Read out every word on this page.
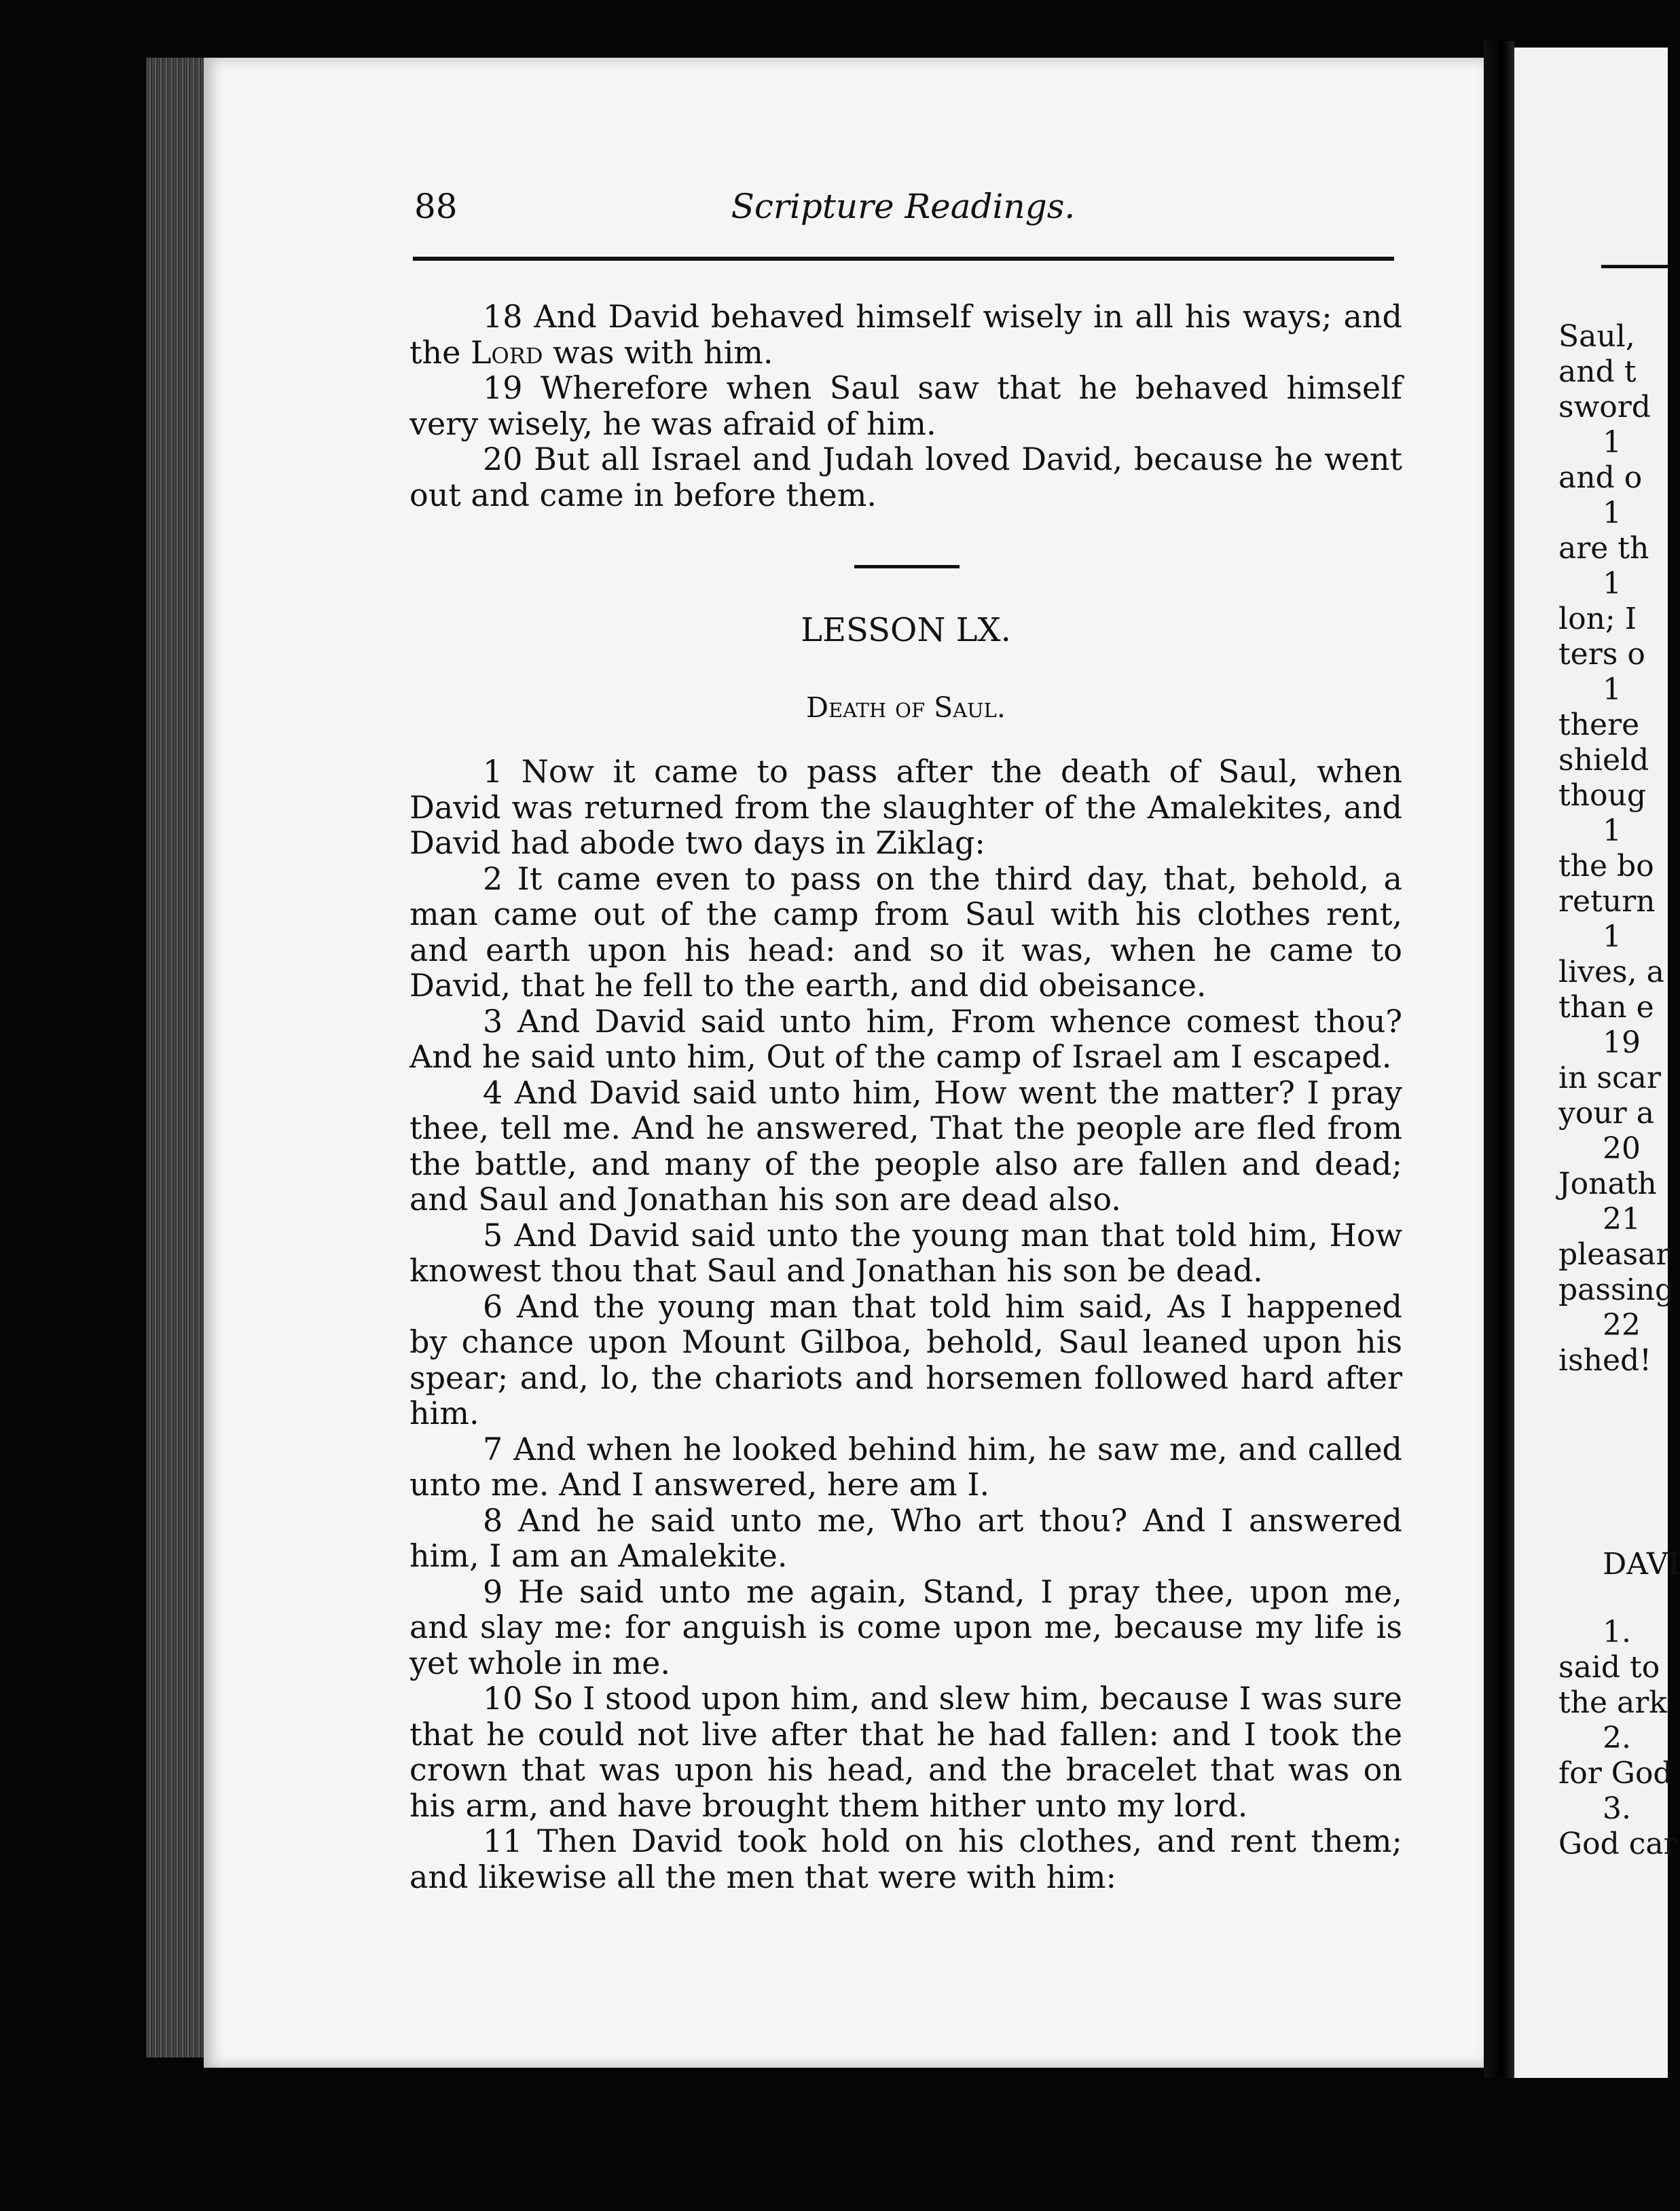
Saul,
and t
sword
1
and o
1
are th
1
lon; I
ters o
1
there
shield
thoug
1
the bo
return
1
lives, a
than e
19
in scar
your a
20
Jonath
21
pleasar
passing
22
ished!
DAVI
1.
said to
the ark
2.
for God
3.
God car
88	Scripture Readings.

18 And David behaved himself wisely in all his ways; and the Lord was with him.

19 Wherefore when Saul saw that he behaved himself very wisely, he was afraid of him.

20 But all Israel and Judah loved David, because he went out and came in before them.

LESSON LX.
Death of Saul.

1 Now it came to pass after the death of Saul, when David was returned from the slaughter of the Amalekites, and David had abode two days in Ziklag:

2 It came even to pass on the third day, that, behold, a man came out of the camp from Saul with his clothes rent, and earth upon his head: and so it was, when he came to David, that he fell to the earth, and did obeisance.

3 And David said unto him, From whence comest thou? And he said unto him, Out of the camp of Israel am I escaped.

4 And David said unto him, How went the matter? I pray thee, tell me. And he answered, That the people are fled from the battle, and many of the people also are fallen and dead; and Saul and Jonathan his son are dead also.

5 And David said unto the young man that told him, How knowest thou that Saul and Jonathan his son be dead.

6 And the young man that told him said, As I happened by chance upon Mount Gilboa, behold, Saul leaned upon his spear; and, lo, the chariots and horsemen followed hard after him.

7 And when he looked behind him, he saw me, and called unto me. And I answered, here am I.

8 And he said unto me, Who art thou? And I answered him, I am an Amalekite.

9 He said unto me again, Stand, I pray thee, upon me, and slay me: for anguish is come upon me, because my life is yet whole in me.

10 So I stood upon him, and slew him, because I was sure that he could not live after that he had fallen: and I took the crown that was upon his head, and the bracelet that was on his arm, and have brought them hither unto my lord.

11 Then David took hold on his clothes, and rent them; and likewise all the men that were with him:
